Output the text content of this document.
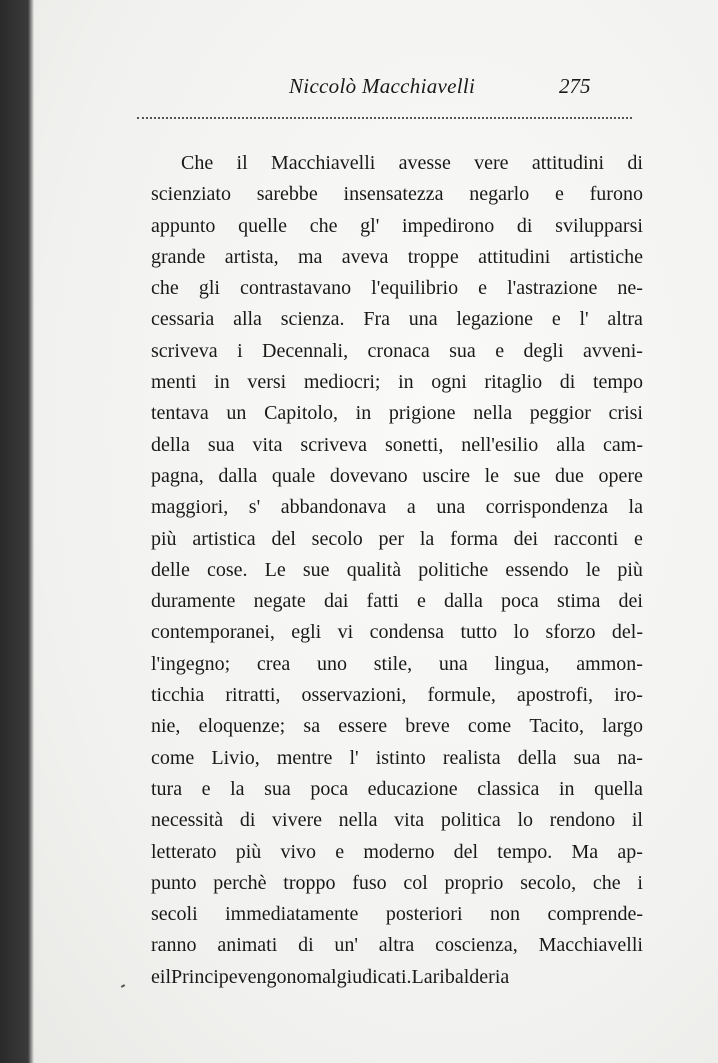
Niccolò Macchiavelli	275
Che il Macchiavelli avesse vere attitudini di
scienziato sarebbe insensatezza negarlo e furono
appunto quelle che gl' impedirono di svilupparsi
grande artista, ma aveva troppe attitudini artistiche
che gli contrastavano l'equilibrio e l'astrazione ne-
cessaria alla scienza. Fra una legazione e l' altra
scriveva i Decennali, cronaca sua e degli avveni-
menti in versi mediocri; in ogni ritaglio di tempo
tentava un Capitolo, in prigione nella peggior crisi
della sua vita scriveva sonetti, nell'esilio alla cam-
pagna, dalla quale dovevano uscire le sue due opere
maggiori, s' abbandonava a una corrispondenza la
più artistica del secolo per la forma dei racconti e
delle cose. Le sue qualità politiche essendo le più
duramente negate dai fatti e dalla poca stima dei
contemporanei, egli vi condensa tutto lo sforzo del-
l'ingegno; crea uno stile, una lingua, ammon-
ticchia ritratti, osservazioni, formule, apostrofi, iro-
nie, eloquenze; sa essere breve come Tacito, largo
come Livio, mentre l' istinto realista della sua na-
tura e la sua poca educazione classica in quella
necessità di vivere nella vita politica lo rendono il
letterato più vivo e moderno del tempo. Ma ap-
punto perchè troppo fuso col proprio secolo, che i
secoli immediatamente posteriori non comprende-
ranno animati di un' altra coscienza, Macchiavelli
e il Principe vengono mal giudicati. La ribalderia
